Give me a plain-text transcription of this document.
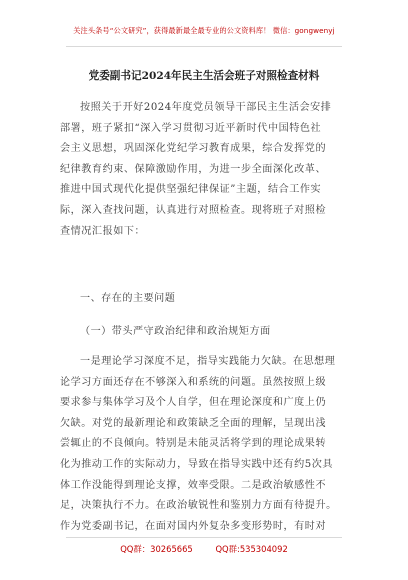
关注头条号“公文研究”，获得最新最全最专业的公文资料库！ 微信：gongwenyj
党委副书记2024年民主生活会班子对照检查材料
按照关于开好2024年度党员领导干部民主生活会安排
部署，班子紧扣“深入学习贯彻习近平新时代中国特色社
会主义思想，巩固深化党纪学习教育成果，综合发挥党的
纪律教育约束、保障激励作用，为进一步全面深化改革、
推进中国式现代化提供坚强纪律保证”主题，结合工作实
际，深入查找问题，认真进行对照检查。现将班子对照检
查情况汇报如下：
一、存在的主要问题
（一）带头严守政治纪律和政治规矩方面
一是理论学习深度不足，指导实践能力欠缺。在思想理
论学习方面还存在不够深入和系统的问题。虽然按照上级
要求参与集体学习及个人自学，但在理论深度和广度上仍
欠缺。对党的最新理论和政策缺乏全面的理解，呈现出浅
尝辄止的不良倾向。特别是未能灵活将学到的理论成果转
化为推动工作的实际动力，导致在指导实践中还有约5次具
体工作没能得到理论支撑，效率受限。二是政治敏感性不
足，决策执行不力。在政治敏锐性和鉴别力方面有待提升。
作为党委副书记，在面对国内外复杂多变形势时，有时对
QQ群：30265665	QQ群:535304092
